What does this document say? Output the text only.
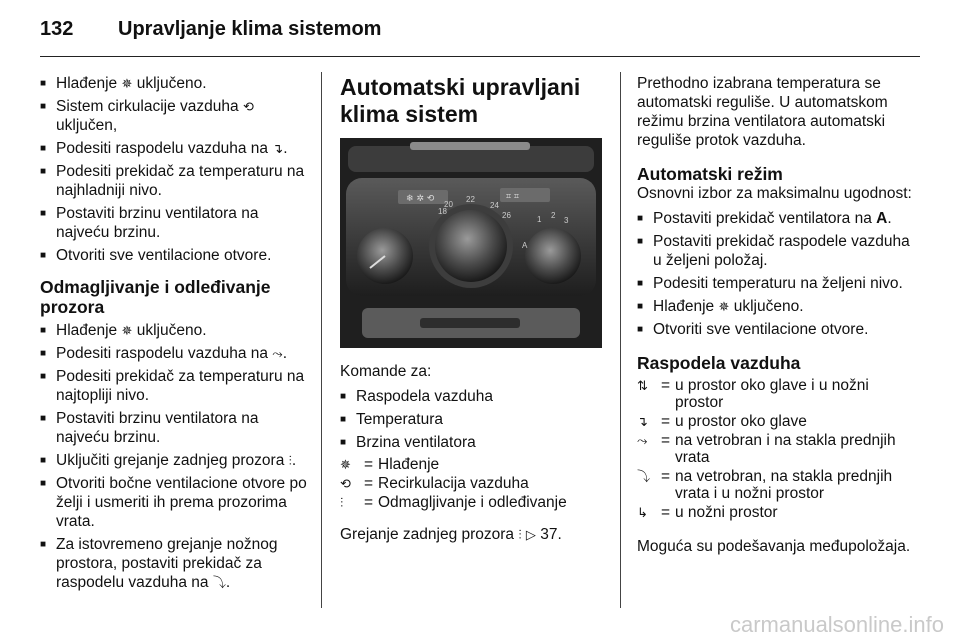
132 Upravljanje klima sistemom
■ Hlađenje ✵ uključeno.
■ Sistem cirkulacije vazduha ⟲ uključen,
■ Podesiti raspodelu vazduha na ↴.
■ Podesiti prekidač za temperaturu na najhladniji nivo.
■ Postaviti brzinu ventilatora na najveću brzinu.
■ Otvoriti sve ventilacione otvore.
Odmagljivanje i odleđivanje prozora
■ Hlađenje ✵ uključeno.
■ Podesiti raspodelu vazduha na ⤳.
■ Podesiti prekidač za temperaturu na najtopliji nivo.
■ Postaviti brzinu ventilatora na najveću brzinu.
■ Uključiti grejanje zadnjeg prozora ⫶.
■ Otvoriti bočne ventilacione otvore po želji i usmeriti ih prema prozorima vrata.
■ Za istovremeno grejanje nožnog prostora, postaviti prekidač za raspodelu vazduha na ⤵.
Automatski upravljani klima sistem
❄ ✲ ⟲	⌗ ⌗
18
20
22
24
26	1 2
3
A

Komande za:

■ Raspodela vazduha
■ Temperatura
■ Brzina ventilatora
✵	=	Hlađenje
⟲	=	Recirkulacija vazduha
⫶	=	Odmagljivanje i odleđivanje

Grejanje zadnjeg prozora ⫶ ▷ 37.

Prethodno izabrana temperatura se automatski reguliše. U automatskom režimu brzina ventilatora automatski reguliše protok vazduha.

Automatski režim

Osnovni izbor za maksimalnu ugodnost:

■ Postaviti prekidač ventilatora na A.
■ Postaviti prekidač raspodele vazduha u željeni položaj.
■ Podesiti temperaturu na željeni nivo.
■ Hlađenje ✵ uključeno.
■ Otvoriti sve ventilacione otvore.
Raspodela vazduha
⇅	=	u prostor oko glave i u nožni prostor
↴	=	u prostor oko glave
⤳	=	na vetrobran i na stakla prednjih vrata
⤵	=	na vetrobran, na stakla prednjih vrata i u nožni prostor
↳	=	u nožni prostor

Moguća su podešavanja međupoložaja.

carmanualsonline.info
